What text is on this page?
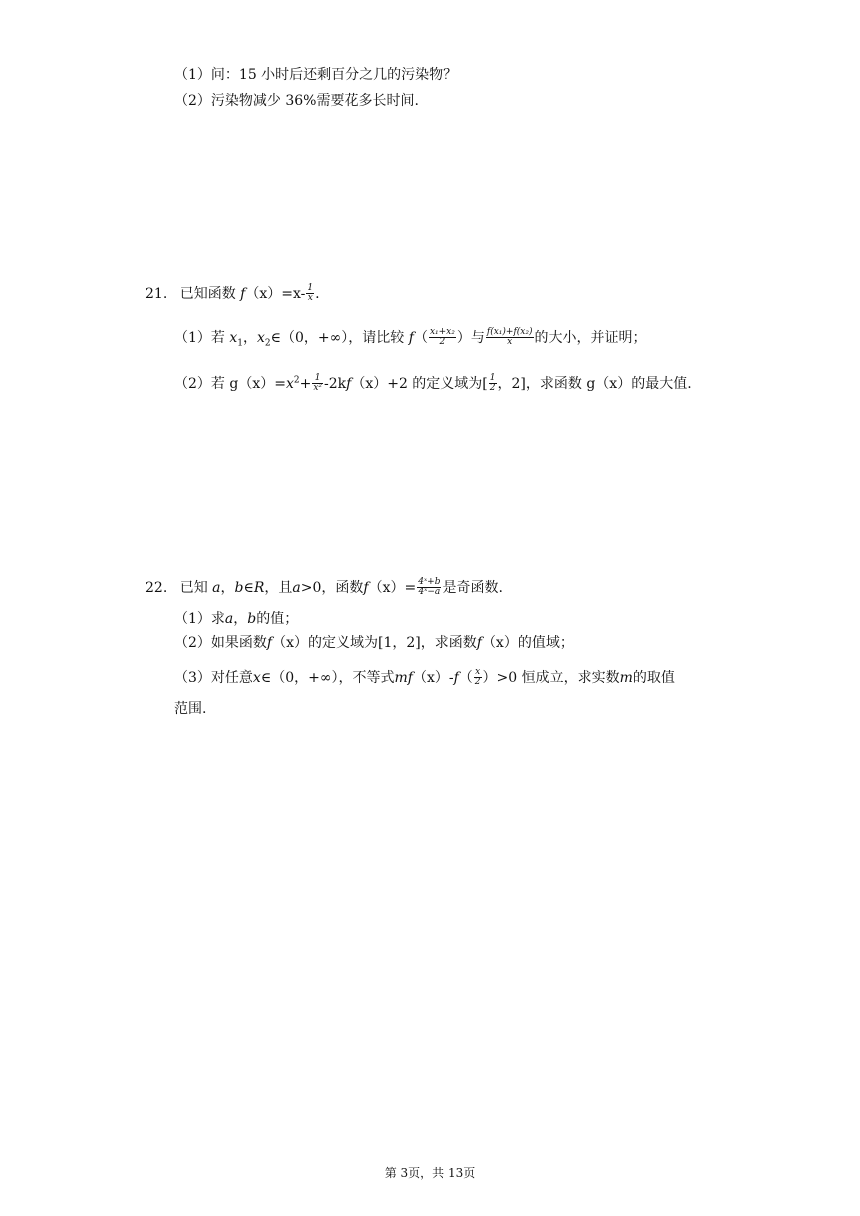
（1）问：15 小时后还剩百分之几的污染物？
（2）污染物减少 36%需要花多长时间.
21. 已知函数 $f(x)=x- \frac{1}{x}$ .
（1）若 $x_1$，$x_2\in(0$，+∞），请比较 $f( \frac{\text{x₁+x₂}}{2}$ ）与 $\frac{\text{f(x₁)+f(x₂)}}{x}$ 的大小，并证明；
（2）若 $g(x)=x^2+ \frac{1}{\text{x²}} -2kf(x)+2$ 的定义域为[ $\frac{1}{2}$ ，2]，求函数 g（x）的最大值.
22. 已知 a，b∈R，且a>0，函数$f(x)= \frac{\text{4ˣ+b}}{\text{4ˣ−a}}$ 是奇函数.
（1）求a，b的值；
（2）如果函数f（x）的定义域为[1，2]，求函数f（x）的值域；
（3）对任意x∈（0，+∞），不等式$mf(x)-f( \frac{x}{2} )>0$ 恒成立，求实数m的取值
范围.
第 3页，共 13页
